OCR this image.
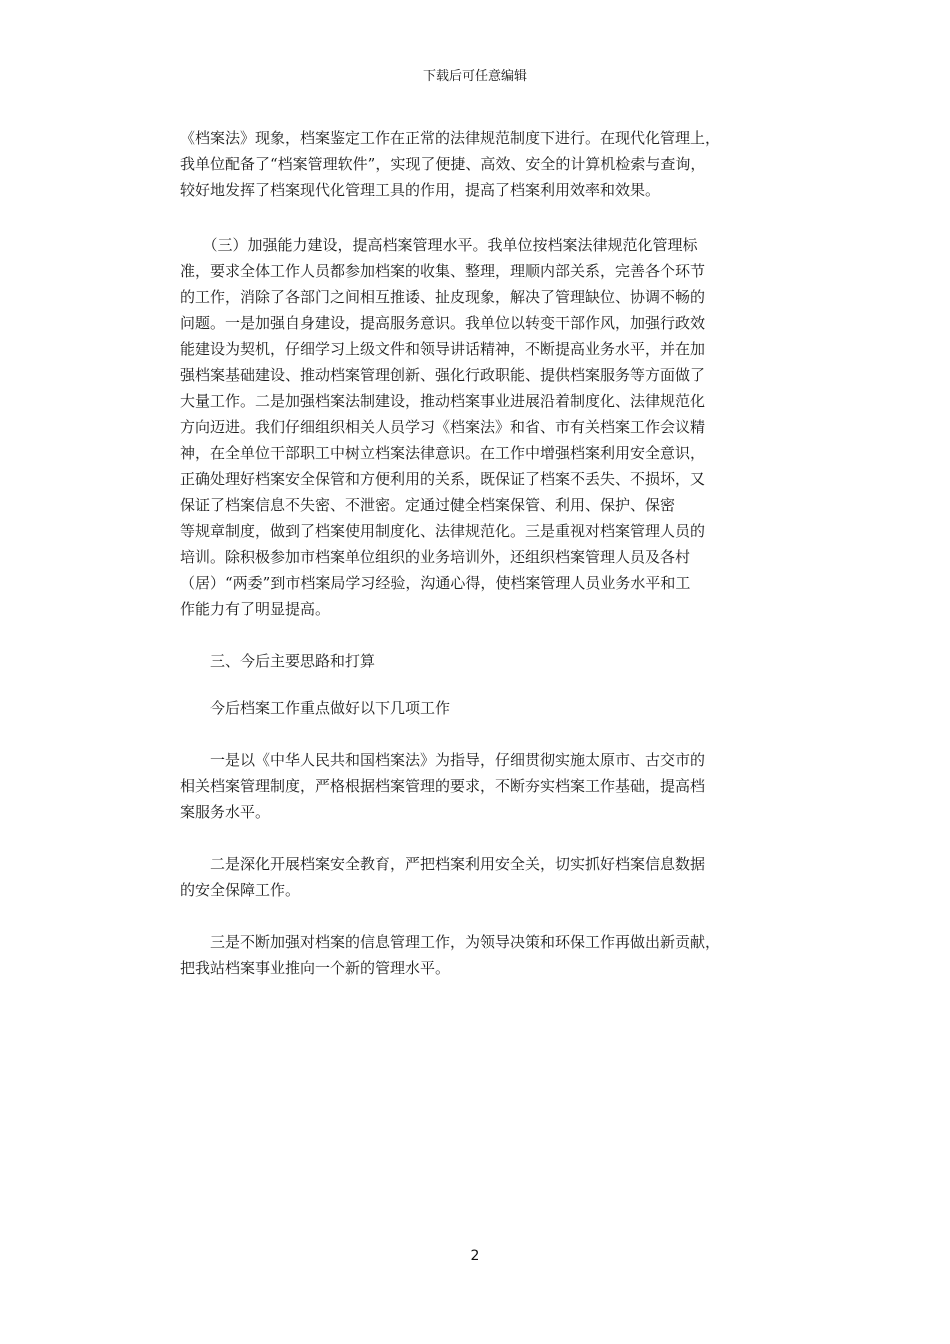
下载后可任意编辑
《档案法》现象，档案鉴定工作在正常的法律规范制度下进行。在现代化管理上，
我单位配备了“档案管理软件”，实现了便捷、高效、安全的计算机检索与查询，
较好地发挥了档案现代化管理工具的作用，提高了档案利用效率和效果。
　　（三）加强能力建设，提高档案管理水平。我单位按档案法律规范化管理标
准，要求全体工作人员都参加档案的收集、整理，理顺内部关系，完善各个环节
的工作，消除了各部门之间相互推诿、扯皮现象，解决了管理缺位、协调不畅的
问题。一是加强自身建设，提高服务意识。我单位以转变干部作风，加强行政效
能建设为契机，仔细学习上级文件和领导讲话精神，不断提高业务水平，并在加
强档案基础建设、推动档案管理创新、强化行政职能、提供档案服务等方面做了
大量工作。二是加强档案法制建设，推动档案事业进展沿着制度化、法律规范化
方向迈进。我们仔细组织相关人员学习《档案法》和省、市有关档案工作会议精
神，在全单位干部职工中树立档案法律意识。在工作中增强档案利用安全意识，
正确处理好档案安全保管和方便利用的关系，既保证了档案不丢失、不损坏，又
保证了档案信息不失密、不泄密。定通过健全档案保管、利用、保护、保密
等规章制度，做到了档案使用制度化、法律规范化。三是重视对档案管理人员的
培训。除积极参加市档案单位组织的业务培训外，还组织档案管理人员及各村
（居）“两委”到市档案局学习经验，沟通心得，使档案管理人员业务水平和工
作能力有了明显提高。
　　三、今后主要思路和打算
　　今后档案工作重点做好以下几项工作
　　一是以《中华人民共和国档案法》为指导，仔细贯彻实施太原市、古交市的
相关档案管理制度，严格根据档案管理的要求，不断夯实档案工作基础，提高档
案服务水平。
　　二是深化开展档案安全教育，严把档案利用安全关，切实抓好档案信息数据
的安全保障工作。
　　三是不断加强对档案的信息管理工作，为领导决策和环保工作再做出新贡献，
把我站档案事业推向一个新的管理水平。
2
